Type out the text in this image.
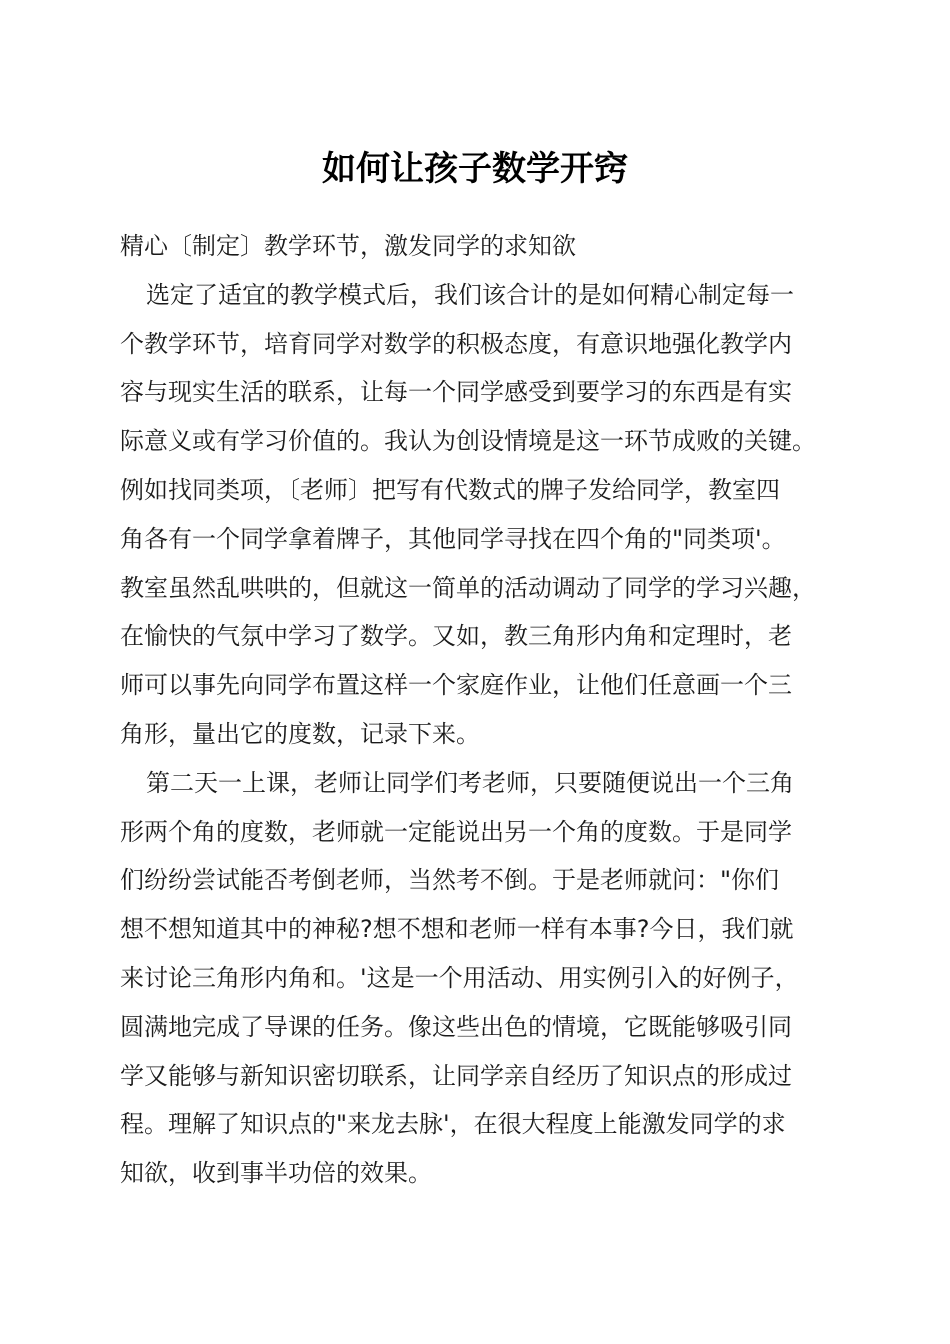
如何让孩子数学开窍

精心〔制定〕教学环节，激发同学的求知欲

选定了适宜的教学模式后，我们该合计的是如何精心制定每一
个教学环节，培育同学对数学的积极态度，有意识地强化教学内
容与现实生活的联系，让每一个同学感受到要学习的东西是有实
际意义或有学习价值的。我认为创设情境是这一环节成败的关键。
例如找同类项，〔老师〕把写有代数式的牌子发给同学，教室四
角各有一个同学拿着牌子，其他同学寻找在四个角的"同类项'。
教室虽然乱哄哄的，但就这一简单的活动调动了同学的学习兴趣，
在愉快的气氛中学习了数学。又如，教三角形内角和定理时，老
师可以事先向同学布置这样一个家庭作业，让他们任意画一个三
角形，量出它的度数，记录下来。

第二天一上课，老师让同学们考老师，只要随便说出一个三角
形两个角的度数，老师就一定能说出另一个角的度数。于是同学
们纷纷尝试能否考倒老师，当然考不倒。于是老师就问："你们
想不想知道其中的神秘?想不想和老师一样有本事?今日，我们就
来讨论三角形内角和。'这是一个用活动、用实例引入的好例子，
圆满地完成了导课的任务。像这些出色的情境，它既能够吸引同
学又能够与新知识密切联系，让同学亲自经历了知识点的形成过
程。理解了知识点的"来龙去脉'，在很大程度上能激发同学的求
知欲，收到事半功倍的效果。
